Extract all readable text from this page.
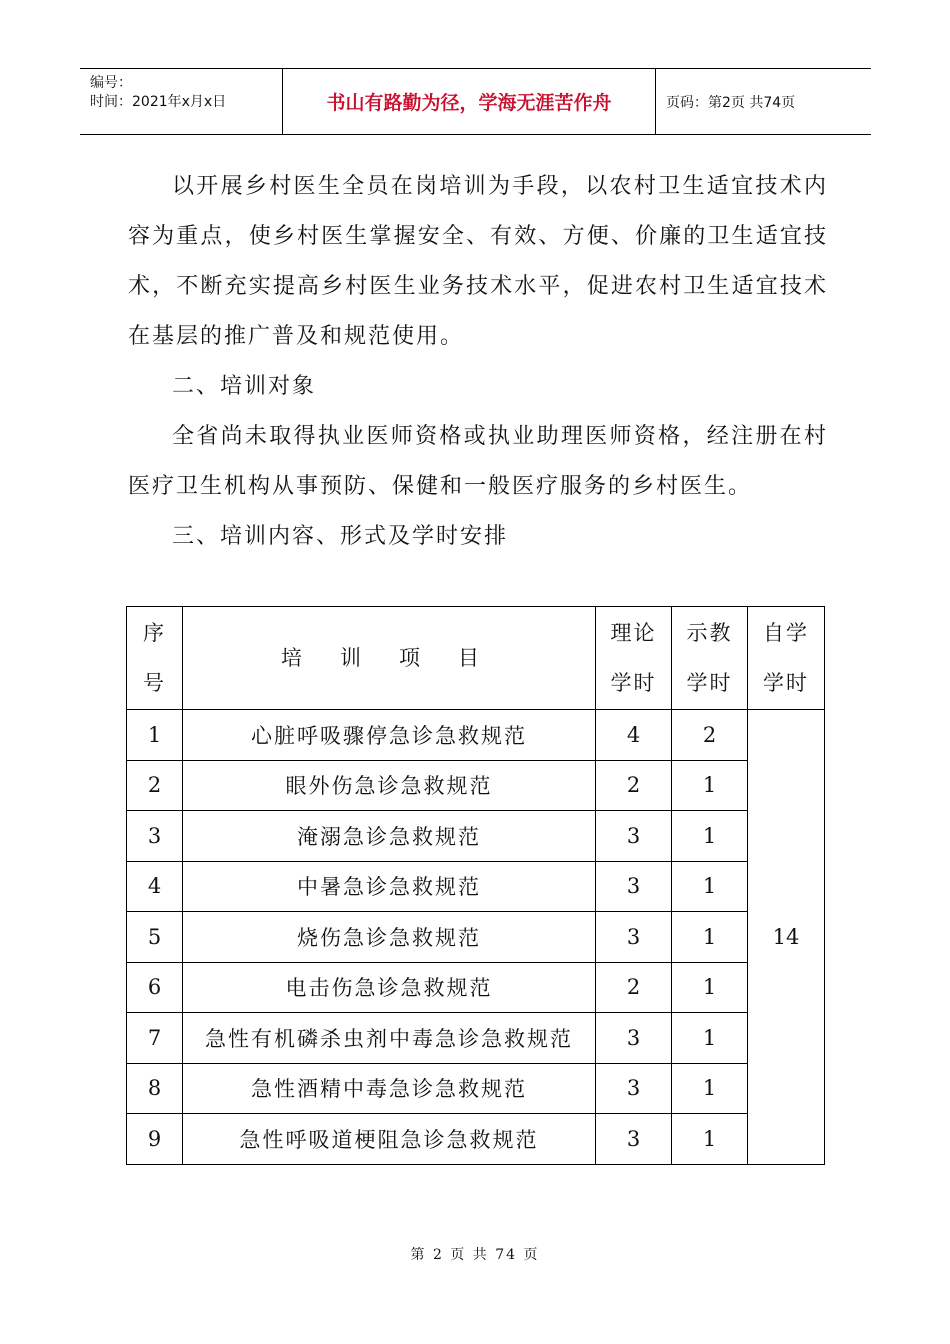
编号：
时间：2021年x月x日	书山有路勤为径，学海无涯苦作舟	页码：第2页 共74页

以开展乡村医生全员在岗培训为手段，以农村卫生适宜技术内容为重点，使乡村医生掌握安全、有效、方便、价廉的卫生适宜技术，不断充实提高乡村医生业务技术水平，促进农村卫生适宜技术在基层的推广普及和规范使用。

二、培训对象

全省尚未取得执业医师资格或执业助理医师资格，经注册在村医疗卫生机构从事预防、保健和一般医疗服务的乡村医生。

三、培训内容、形式及学时安排

序号	培训项目	理论学时	示教学时	自学学时
1	心脏呼吸骤停急诊急救规范	4	2	14
2	眼外伤急诊急救规范	2	1	
3	淹溺急诊急救规范	3	1	
4	中暑急诊急救规范	3	1	
5	烧伤急诊急救规范	3	1	
6	电击伤急诊急救规范	2	1	
7	急性有机磷杀虫剂中毒急诊急救规范	3	1	
8	急性酒精中毒急诊急救规范	3	1	
9	急性呼吸道梗阻急诊急救规范	3	1	
第 2 页 共 74 页
